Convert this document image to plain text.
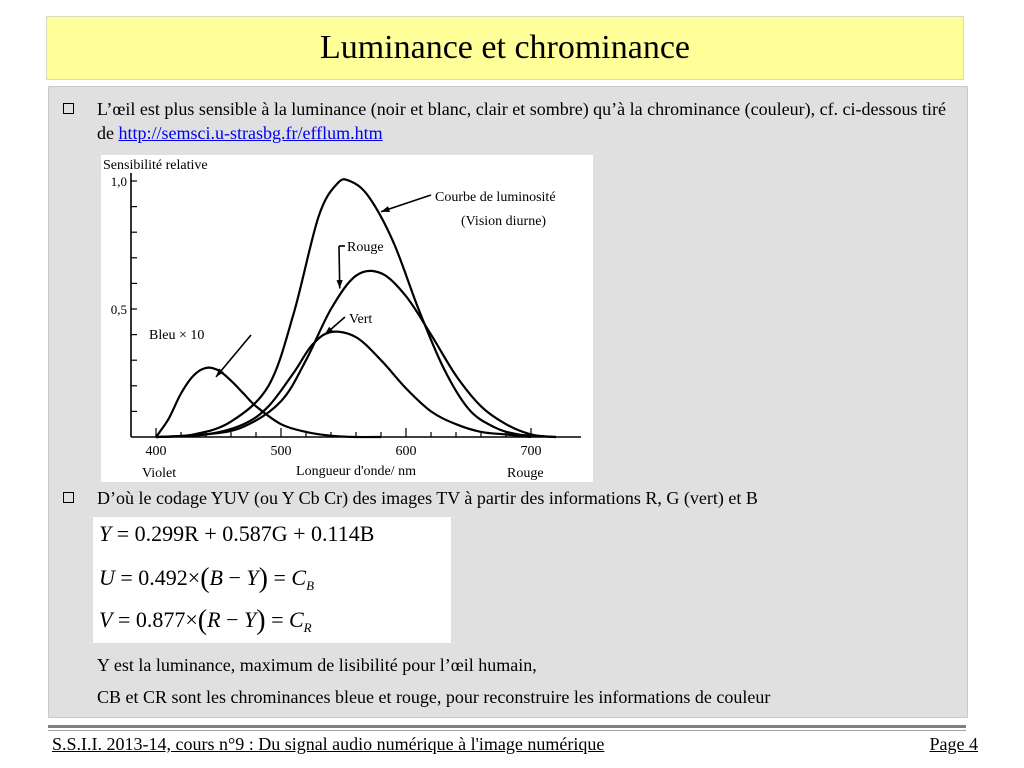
Luminance et chrominance
L’œil est plus sensible à la luminance (noir et blanc, clair et sombre) qu’à la chrominance (couleur), cf. ci-dessous tiré de http://semsci.u-strasbg.fr/efflum.htm
1,0
0,5
400	500	600	700
Sensibilité relative
Longueur d'onde/ nm
Violet	Rouge
Courbe de luminosité
(Vision diurne)
Rouge
Vert
Bleu × 10
D’où le codage YUV (ou Y Cb Cr) des images TV à partir des informations R, G (vert) et B
Y = 0.299R + 0.587G + 0.114B
$U = 0.492\times(B - Y) = C_B$
$V = 0.877\times(R - Y) = C_R$
Y est la luminance, maximum de lisibilité pour l’œil humain,
CB et CR sont les chrominances bleue et rouge, pour reconstruire les informations de couleur
S.S.I.I. 2013-14, cours n°9 : Du signal audio numérique à l'image numérique	Page 4
